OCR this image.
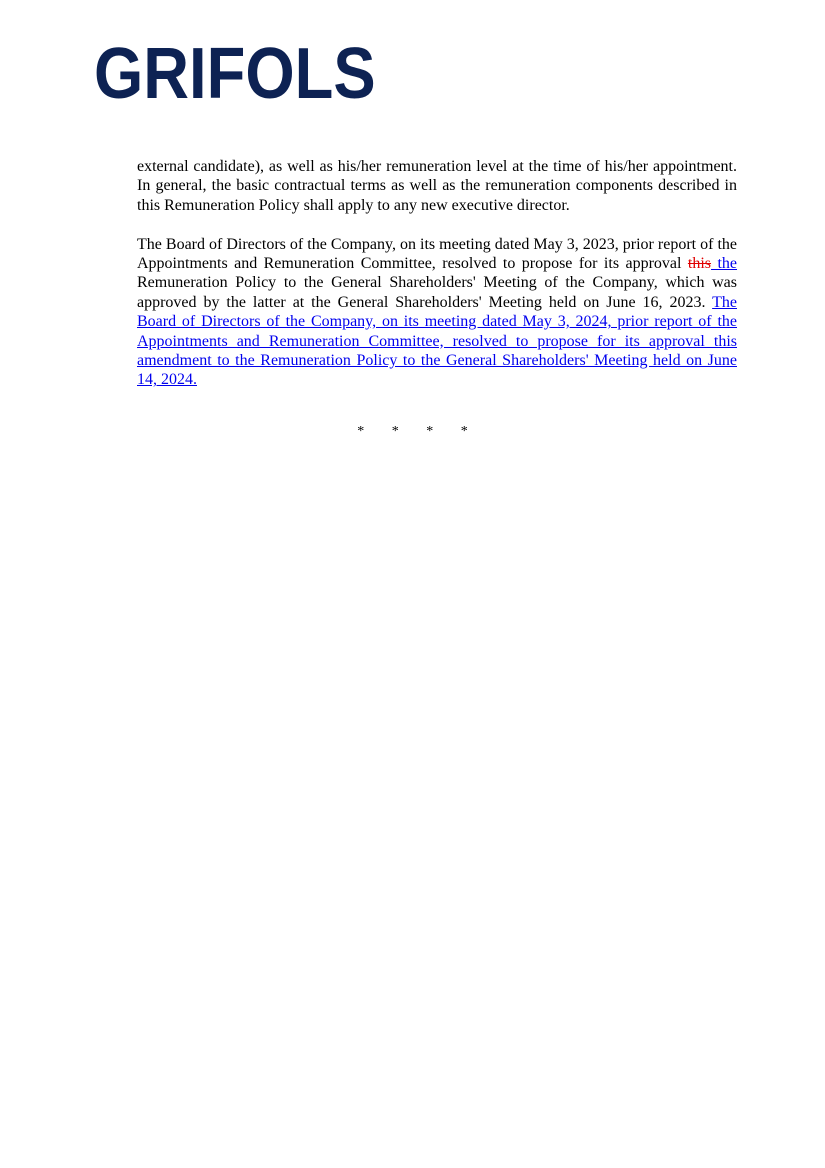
GRIFOLS

external candidate), as well as his/her remuneration level at the time of his/her appointment. In general, the basic contractual terms as well as the remuneration components described in this Remuneration Policy shall apply to any new executive director.

The Board of Directors of the Company, on its meeting dated May 3, 2023, prior report of the Appointments and Remuneration Committee, resolved to propose for its approval this the Remuneration Policy to the General Shareholders' Meeting of the Company, which was approved by the latter at the General Shareholders' Meeting held on June 16, 2023. The Board of Directors of the Company, on its meeting dated May 3, 2024, prior report of the Appointments and Remuneration Committee, resolved to propose for its approval this amendment to the Remuneration Policy to the General Shareholders' Meeting held on June 14, 2024.

* * * *
